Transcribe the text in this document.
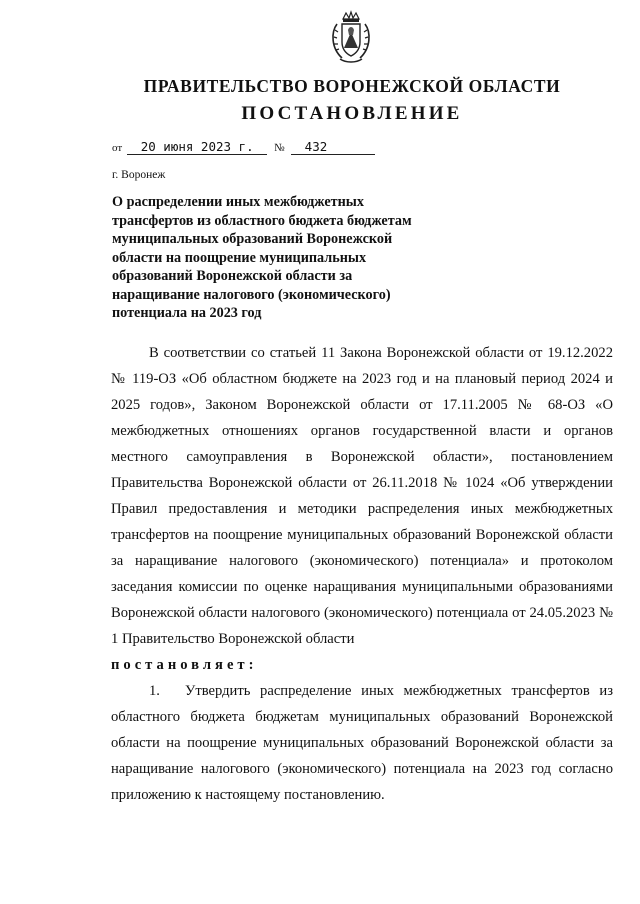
ПРАВИТЕЛЬСТВО ВОРОНЕЖСКОЙ ОБЛАСТИ
ПОСТАНОВЛЕНИЕ
от 20 июня 2023 г. № 432
г. Воронеж
О распределении иных межбюджетных трансфертов из областного бюджета бюджетам муниципальных образований Воронежской области на поощрение муниципальных образований Воронежской области за наращивание налогового (экономического) потенциала на 2023 год

В соответствии со статьей 11 Закона Воронежской области от 19.12.2022 № 119-ОЗ «Об областном бюджете на 2023 год и на плановый период 2024 и 2025 годов», Законом Воронежской области от 17.11.2005 № 68-ОЗ «О межбюджетных отношениях органов государственной власти и органов местного самоуправления в Воронежской области», постановлением Правительства Воронежской области от 26.11.2018 № 1024 «Об утверждении Правил предоставления и методики распределения иных межбюджетных трансфертов на поощрение муниципальных образований Воронежской области за наращивание налогового (экономического) потенциала» и протоколом заседания комиссии по оценке наращивания муниципальными образованиями Воронежской области налогового (экономического) потенциала от 24.05.2023 № 1 Правительство Воронежской области

постановляет:

1. Утвердить распределение иных межбюджетных трансфертов из областного бюджета бюджетам муниципальных образований Воронежской области на поощрение муниципальных образований Воронежской области за наращивание налогового (экономического) потенциала на 2023 год согласно приложению к настоящему постановлению.
